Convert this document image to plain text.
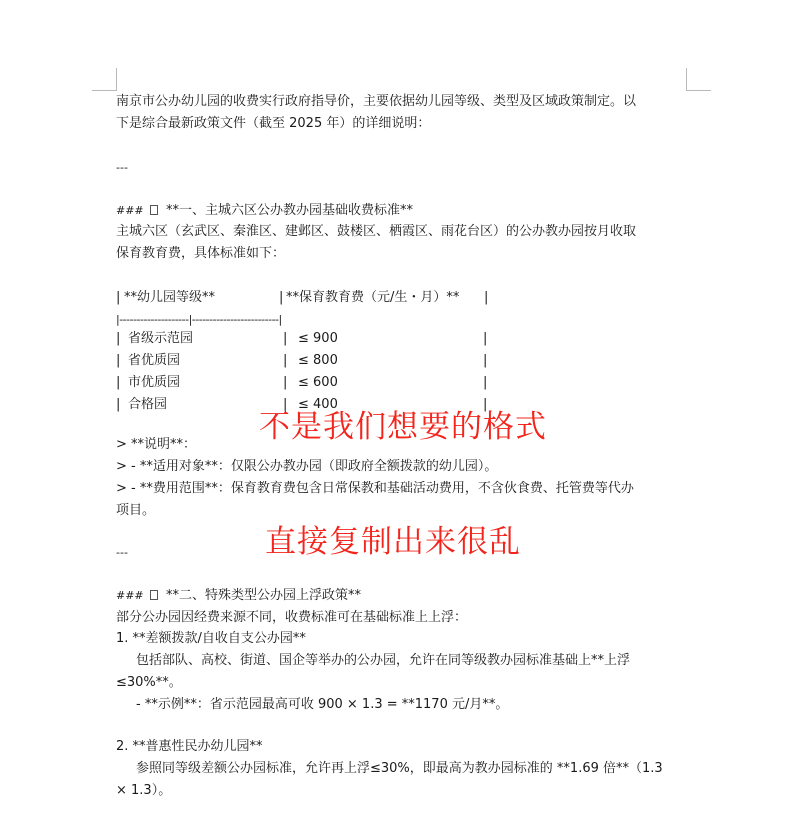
南京市公办幼儿园的收费实行政府指导价，主要依据幼儿园等级、类型及区域政策制定。以
下是综合最新政策文件（截至 2025 年）的详细说明：
---
### **一、主城六区公办教办园基础收费标准**
主城六区（玄武区、秦淮区、建邺区、鼓楼区、栖霞区、雨花台区）的公办教办园按月收取
保育教育费，具体标准如下：
| **幼儿园等级**	| **保育教育费（元/生・月）** |
|--------------------|-------------------------|
| 省级示范园	| ≤ 900	|
| 省优质园	| ≤ 800	|
| 市优质园	| ≤ 600	|
| 合格园	| ≤ 400	|
> **说明**：
> - **适用对象**：仅限公办教办园（即政府全额拨款的幼儿园）。
> - **费用范围**：保育教育费包含日常保教和基础活动费用，不含伙食费、托管费等代办
项目。
---
### **二、特殊类型公办园上浮政策**
部分公办园因经费来源不同，收费标准可在基础标准上上浮：
1. **差额拨款/自收自支公办园**
包括部队、高校、街道、国企等举办的公办园，允许在同等级教办园标准基础上**上浮
≤30%**。
- **示例**：省示范园最高可收 900 × 1.3 = **1170 元/月**。
2. **普惠性民办幼儿园**
参照同等级差额公办园标准，允许再上浮≤30%，即最高为教办园标准的 **1.69 倍**（1.3
× 1.3）。
不是我们想要的格式
直接复制出来很乱
